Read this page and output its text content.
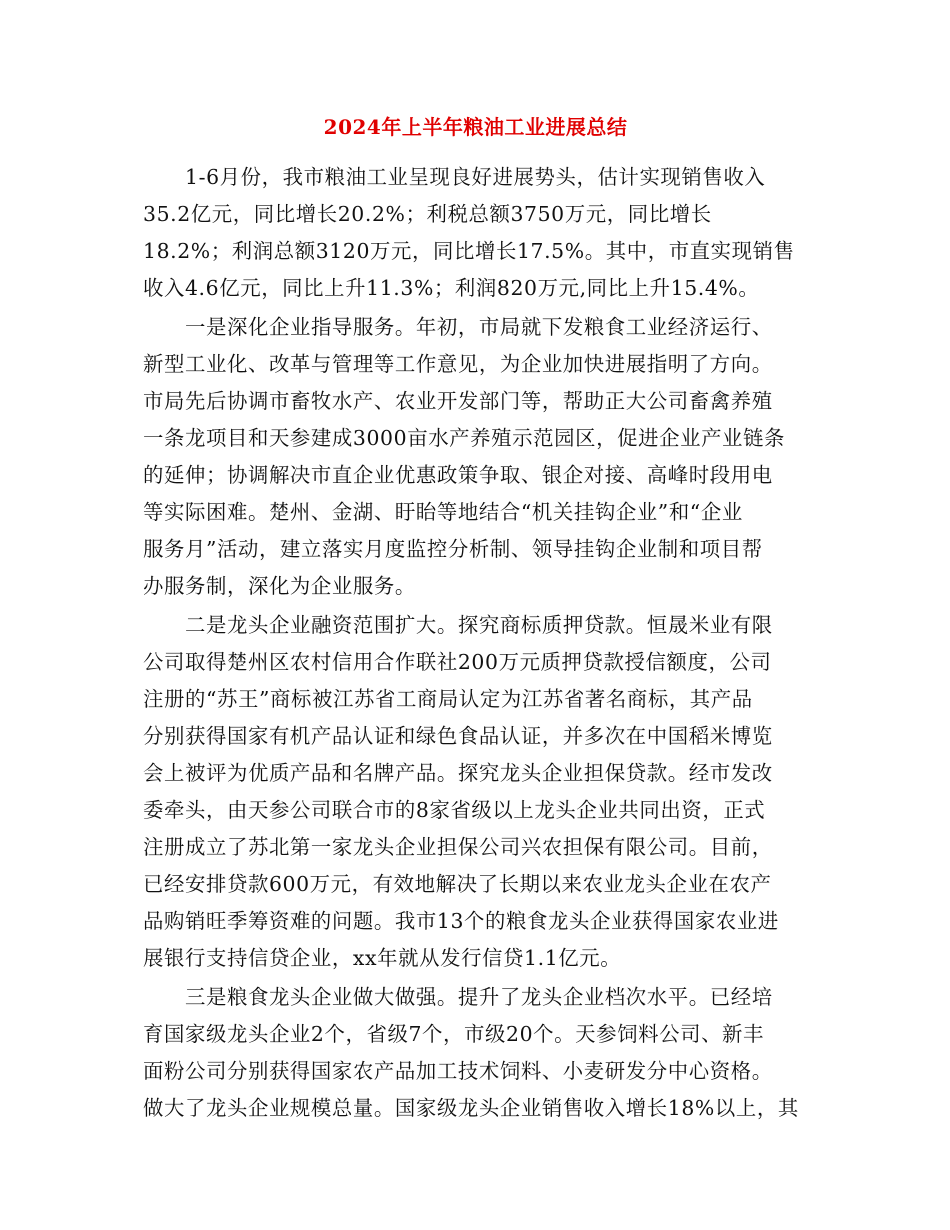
2024年上半年粮油工业进展总结
1-6月份，我市粮油工业呈现良好进展势头，估计实现销售收入
35.2亿元，同比增长20.2%；利税总额3750万元，同比增长
18.2%；利润总额3120万元，同比增长17.5%。其中，市直实现销售
收入4.6亿元，同比上升11.3%；利润820万元,同比上升15.4%。
一是深化企业指导服务。年初，市局就下发粮食工业经济运行、
新型工业化、改革与管理等工作意见，为企业加快进展指明了方向。
市局先后协调市畜牧水产、农业开发部门等，帮助正大公司畜禽养殖
一条龙项目和天参建成3000亩水产养殖示范园区，促进企业产业链条
的延伸；协调解决市直企业优惠政策争取、银企对接、高峰时段用电
等实际困难。楚州、金湖、盱眙等地结合“机关挂钩企业”和“企业
服务月”活动，建立落实月度监控分析制、领导挂钩企业制和项目帮
办服务制，深化为企业服务。
二是龙头企业融资范围扩大。探究商标质押贷款。恒晟米业有限
公司取得楚州区农村信用合作联社200万元质押贷款授信额度，公司
注册的“苏王”商标被江苏省工商局认定为江苏省著名商标，其产品
分别获得国家有机产品认证和绿色食品认证，并多次在中国稻米博览
会上被评为优质产品和名牌产品。探究龙头企业担保贷款。经市发改
委牵头，由天参公司联合市的8家省级以上龙头企业共同出资，正式
注册成立了苏北第一家龙头企业担保公司兴农担保有限公司。目前，
已经安排贷款600万元，有效地解决了长期以来农业龙头企业在农产
品购销旺季筹资难的问题。我市13个的粮食龙头企业获得国家农业进
展银行支持信贷企业，xx年就从发行信贷1.1亿元。
三是粮食龙头企业做大做强。提升了龙头企业档次水平。已经培
育国家级龙头企业2个，省级7个，市级20个。天参饲料公司、新丰
面粉公司分别获得国家农产品加工技术饲料、小麦研发分中心资格。
做大了龙头企业规模总量。国家级龙头企业销售收入增长18%以上，其
